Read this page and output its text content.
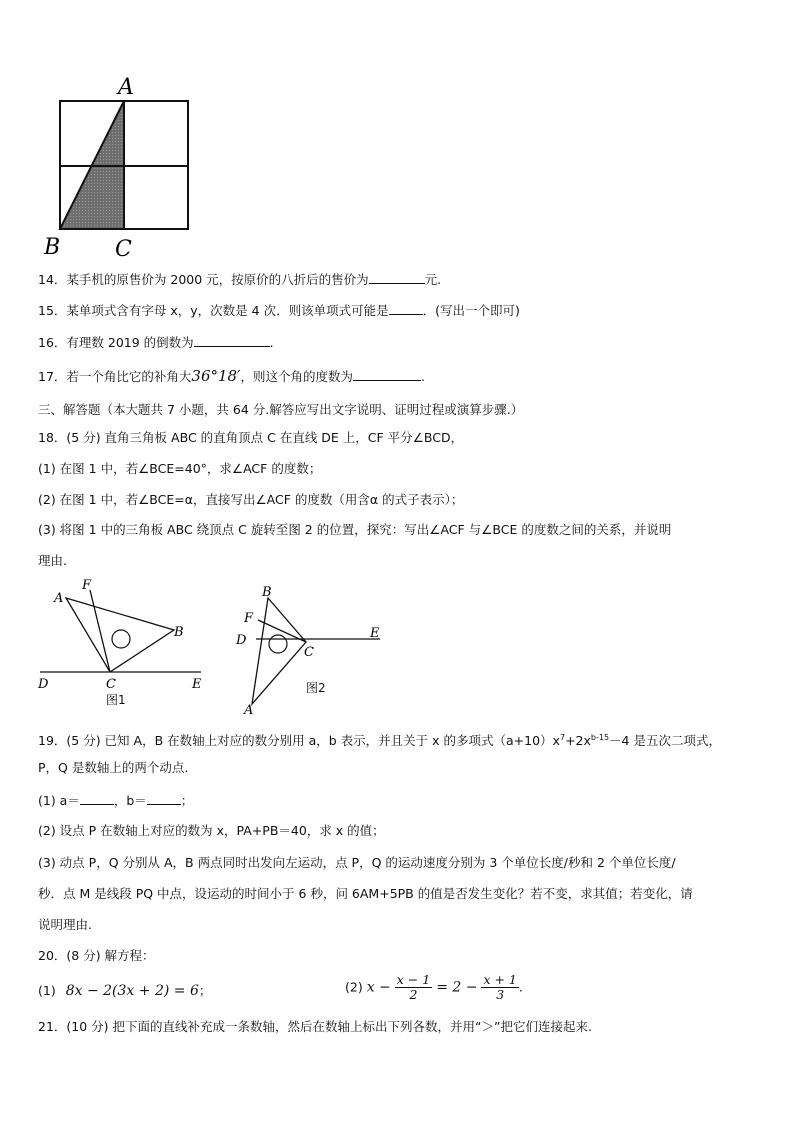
A
B C
14．某手机的原售价为 2000 元，按原价的八折后的售价为	元.
15．某单项式含有字母 x，y，次数是 4 次．则该单项式可能是	．(写出一个即可)
16．有理数 2019 的倒数为	.
17．若一个角比它的补角大36°18′，则这个角的度数为	.
三、解答题（本大题共 7 小题，共 64 分.解答应写出文字说明、证明过程或演算步骤.）
18．(5 分) 直角三角板 ABC 的直角顶点 C 在直线 DE 上，CF 平分∠BCD，
(1) 在图 1 中，若∠BCE=40°，求∠ACF 的度数；
(2) 在图 1 中，若∠BCE=α，直接写出∠ACF 的度数（用含α 的式子表示）；
(3) 将图 1 中的三角板 ABC 绕顶点 C 旋转至图 2 的位置，探究：写出∠ACF 与∠BCE 的度数之间的关系，并说明
理由.
A
F
B
C
D	E
图1
B
F
D	E
C
A
图2
19．(5 分) 已知 A，B 在数轴上对应的数分别用 a，b 表示，并且关于 x 的多项式$(a+10)x^7+2x^{b-15}-4$ 是五次二项式，
P，Q 是数轴上的两个动点.
(1) a＝	，b＝	；
(2) 设点 P 在数轴上对应的数为 x，PA+PB＝40，求 x 的值；
(3) 动点 P，Q 分别从 A，B 两点同时出发向左运动，点 P，Q 的运动速度分别为 3 个单位长度/秒和 2 个单位长度/
秒．点 M 是线段 PQ 中点，设运动的时间小于 6 秒，问 6AM+5PB 的值是否发生变化？若不变，求其值；若变化，请
说明理由.
20．(8 分) 解方程：
(1) 8x − 2(3x + 2) = 6；	(2) $x - \frac{x - 1}{2} = 2 - \frac{x + 1}{3}$ .
21．(10 分) 把下面的直线补充成一条数轴，然后在数轴上标出下列各数，并用“＞”把它们连接起来.
